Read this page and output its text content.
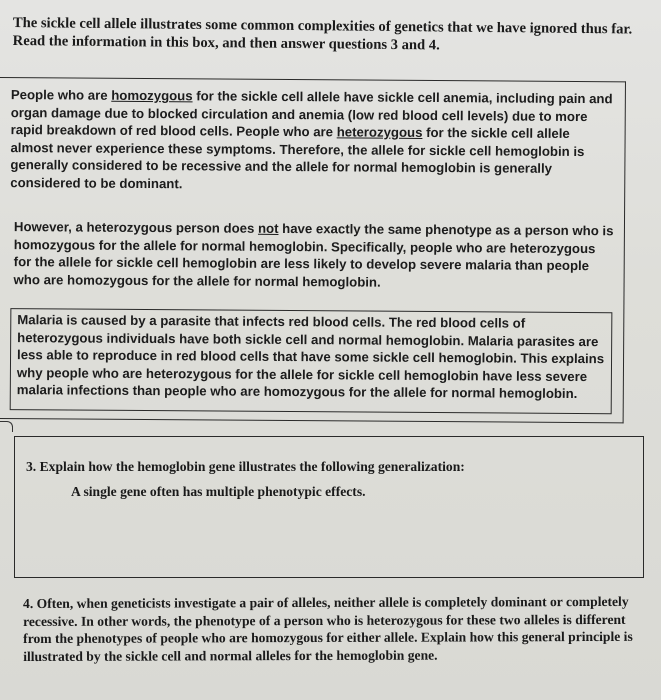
The sickle cell allele illustrates some common complexities of genetics that we have ignored thus far.
Read the information in this box, and then answer questions 3 and 4.
People who are homozygous for the sickle cell allele have sickle cell anemia, including pain and organ damage due to blocked circulation and anemia (low red blood cell levels) due to more rapid breakdown of red blood cells. People who are heterozygous for the sickle cell allele almost never experience these symptoms. Therefore, the allele for sickle cell hemoglobin is generally considered to be recessive and the allele for normal hemoglobin is generally considered to be dominant.
However, a heterozygous person does not have exactly the same phenotype as a person who is homozygous for the allele for normal hemoglobin. Specifically, people who are heterozygous for the allele for sickle cell hemoglobin are less likely to develop severe malaria than people who are homozygous for the allele for normal hemoglobin.
Malaria is caused by a parasite that infects red blood cells. The red blood cells of heterozygous individuals have both sickle cell and normal hemoglobin. Malaria parasites are less able to reproduce in red blood cells that have some sickle cell hemoglobin. This explains why people who are heterozygous for the allele for sickle cell hemoglobin have less severe malaria infections than people who are homozygous for the allele for normal hemoglobin.
3. Explain how the hemoglobin gene illustrates the following generalization:
A single gene often has multiple phenotypic effects.
4. Often, when geneticists investigate a pair of alleles, neither allele is completely dominant or completely recessive. In other words, the phenotype of a person who is heterozygous for these two alleles is different from the phenotypes of people who are homozygous for either allele. Explain how this general principle is illustrated by the sickle cell and normal alleles for the hemoglobin gene.
